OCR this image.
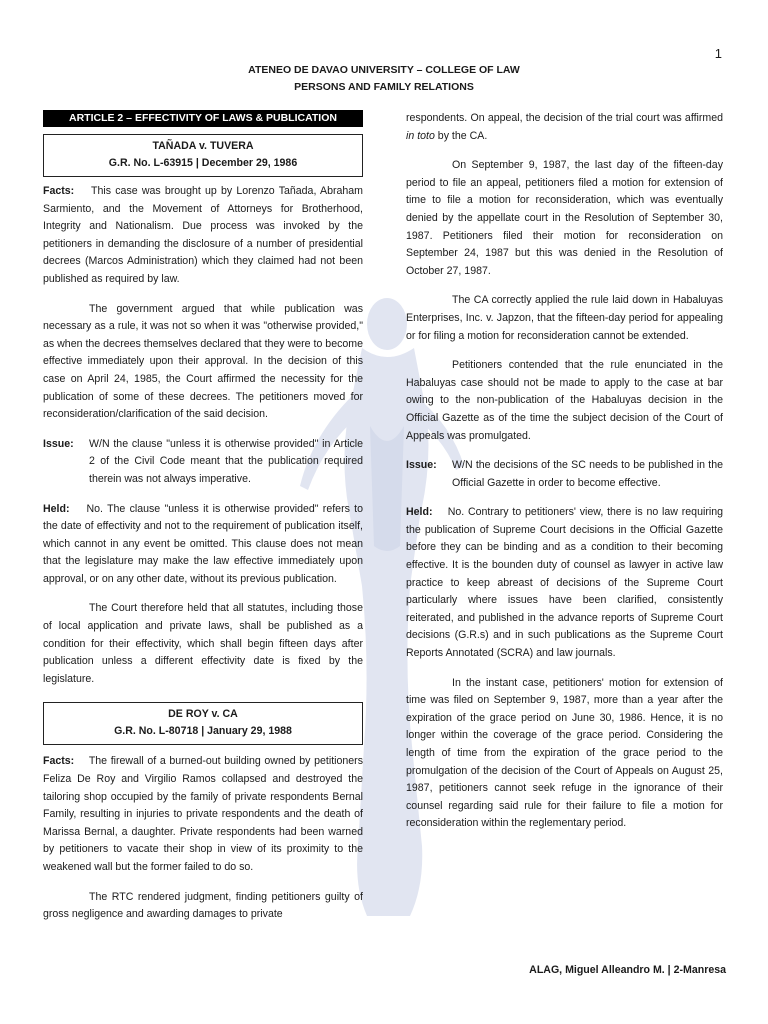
1
ATENEO DE DAVAO UNIVERSITY – COLLEGE OF LAW
PERSONS AND FAMILY RELATIONS
ARTICLE 2 – EFFECTIVITY OF LAWS & PUBLICATION
TAÑADA v. TUVERA
G.R. No. L-63915 | December 29, 1986

Facts: This case was brought up by Lorenzo Tañada, Abraham Sarmiento, and the Movement of Attorneys for Brotherhood, Integrity and Nationalism. Due process was invoked by the petitioners in demanding the disclosure of a number of presidential decrees (Marcos Administration) which they claimed had not been published as required by law.

The government argued that while publication was necessary as a rule, it was not so when it was "otherwise provided," as when the decrees themselves declared that they were to become effective immediately upon their approval. In the decision of this case on April 24, 1985, the Court affirmed the necessity for the publication of some of these decrees. The petitioners moved for reconsideration/clarification of the said decision.

Issue:	W/N the clause "unless it is otherwise provided" in Article 2 of the Civil Code meant that the publication required therein was not always imperative.

Held: No. The clause "unless it is otherwise provided" refers to the date of effectivity and not to the requirement of publication itself, which cannot in any event be omitted. This clause does not mean that the legislature may make the law effective immediately upon approval, or on any other date, without its previous publication.

The Court therefore held that all statutes, including those of local application and private laws, shall be published as a condition for their effectivity, which shall begin fifteen days after publication unless a different effectivity date is fixed by the legislature.

DE ROY v. CA
G.R. No. L-80718 | January 29, 1988

Facts: The firewall of a burned-out building owned by petitioners Feliza De Roy and Virgilio Ramos collapsed and destroyed the tailoring shop occupied by the family of private respondents Bernal Family, resulting in injuries to private respondents and the death of Marissa Bernal, a daughter. Private respondents had been warned by petitioners to vacate their shop in view of its proximity to the weakened wall but the former failed to do so.

The RTC rendered judgment, finding petitioners guilty of gross negligence and awarding damages to private

respondents. On appeal, the decision of the trial court was affirmed in toto by the CA.

On September 9, 1987, the last day of the fifteen-day period to file an appeal, petitioners filed a motion for extension of time to file a motion for reconsideration, which was eventually denied by the appellate court in the Resolution of September 30, 1987. Petitioners filed their motion for reconsideration on September 24, 1987 but this was denied in the Resolution of October 27, 1987.

The CA correctly applied the rule laid down in Habaluyas Enterprises, Inc. v. Japzon, that the fifteen-day period for appealing or for filing a motion for reconsideration cannot be extended.

Petitioners contended that the rule enunciated in the Habaluyas case should not be made to apply to the case at bar owing to the non-publication of the Habaluyas decision in the Official Gazette as of the time the subject decision of the Court of Appeals was promulgated.

Issue:	W/N the decisions of the SC needs to be published in the Official Gazette in order to become effective.

Held: No. Contrary to petitioners' view, there is no law requiring the publication of Supreme Court decisions in the Official Gazette before they can be binding and as a condition to their becoming effective. It is the bounden duty of counsel as lawyer in active law practice to keep abreast of decisions of the Supreme Court particularly where issues have been clarified, consistently reiterated, and published in the advance reports of Supreme Court decisions (G.R.s) and in such publications as the Supreme Court Reports Annotated (SCRA) and law journals.

In the instant case, petitioners' motion for extension of time was filed on September 9, 1987, more than a year after the expiration of the grace period on June 30, 1986. Hence, it is no longer within the coverage of the grace period. Considering the length of time from the expiration of the grace period to the promulgation of the decision of the Court of Appeals on August 25, 1987, petitioners cannot seek refuge in the ignorance of their counsel regarding said rule for their failure to file a motion for reconsideration within the reglementary period.

ALAG, Miguel Alleandro M. | 2-Manresa
